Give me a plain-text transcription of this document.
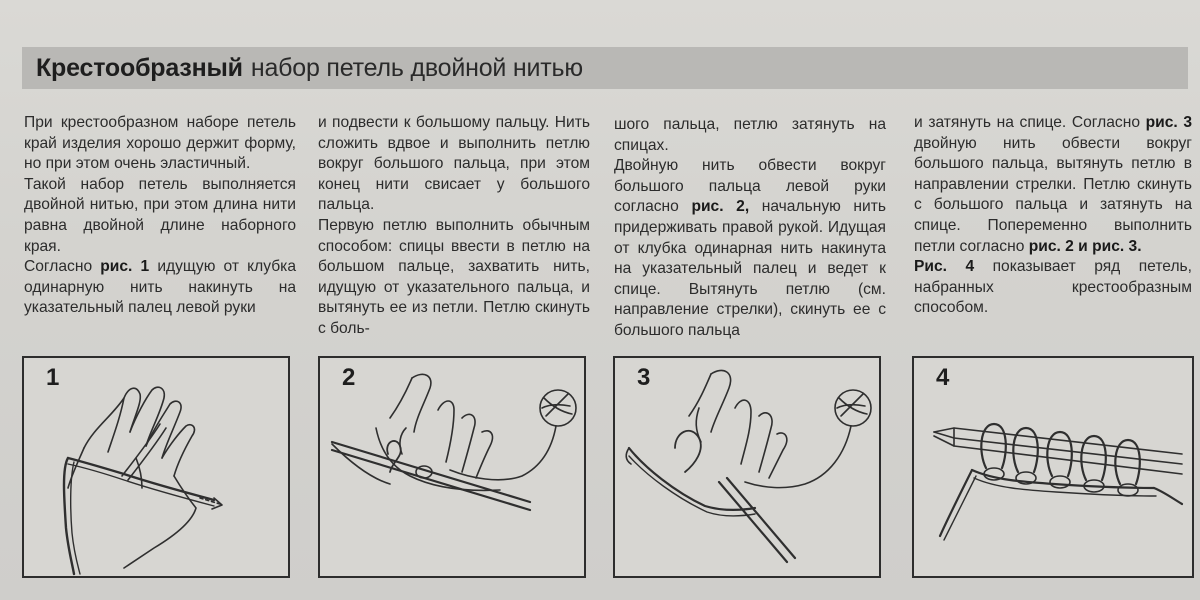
Крестообразный набор петель двойной нитью

При крестообразном наборе петель край изделия хорошо держит форму, но при этом очень эластичный.

Такой набор петель выполняется двойной нитью, при этом длина нити равна двойной длине наборного края.

Согласно рис. 1 идущую от клубка одинарную нить накинуть на указательный палец левой руки

и подвести к большому пальцу. Нить сложить вдвое и выполнить петлю вокруг большого пальца, при этом конец нити свисает у большого пальца.

Первую петлю выполнить обычным способом: спицы ввести в петлю на большом пальце, захватить нить, идущую от указательного пальца, и вытянуть ее из петли. Петлю скинуть с боль-

шого пальца, петлю затянуть на спицах.

Двойную нить обвести вокруг большого пальца левой руки согласно рис. 2, начальную нить придерживать правой рукой. Идущая от клубка одинарная нить накинута на указательный палец и ведет к спице. Вытянуть петлю (см. направление стрелки), скинуть ее с большого пальца

и затянуть на спице. Согласно рис. 3 двойную нить обвести вокруг большого пальца, вытянуть петлю в направлении стрелки. Петлю скинуть с большого пальца и затянуть на спице. Попеременно выполнить петли согласно рис. 2 и рис. 3.

Рис. 4 показывает ряд петель, набранных крестообразным способом.

1	2	3	4
